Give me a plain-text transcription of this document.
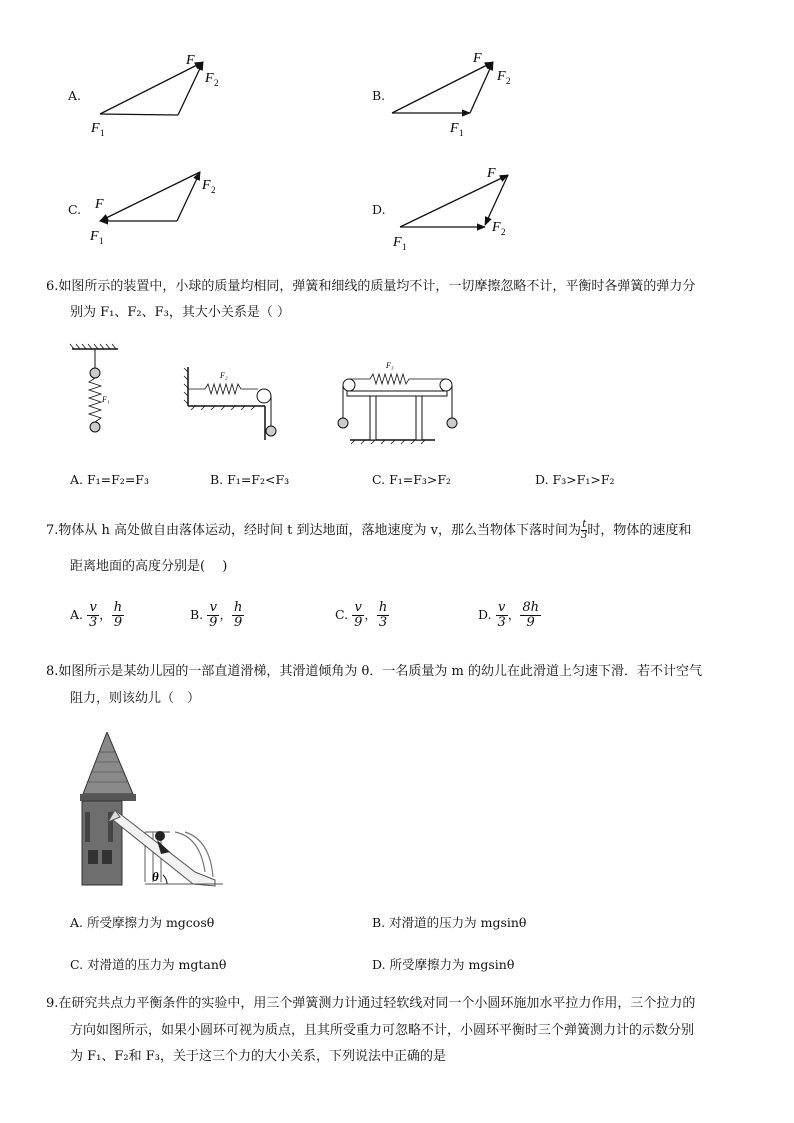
A.
F
F 2
F 1
B.
F
F 2
F 1
C. F
F 2
F 1
D.
F
F 2
F 1
6.如图所示的装置中，小球的质量均相同，弹簧和细线的质量均不计，一切摩擦忽略不计，平衡时各弹簧的弹力分
别为 F₁、F₂、F₃，其大小关系是（ ）
F₁
F₂
F₃
A. F₁=F₂=F₃	B. F₁=F₂<F₃	C. F₁=F₃>F₂	D. F₃>F₁>F₂
7.物体从 h 高处做自由落体运动，经时间 t 到达地面，落地速度为 v，那么当物体下落时间为 $\frac{t}{3}$时，物体的速度和
距离地面的高度分别是(　 )
A. $\frac{v}{3}$ ， $\frac{h}{9}$	B. $\frac{v}{9}$ ， $\frac{h}{9}$	C. $\frac{v}{9}$ ， $\frac{h}{3}$	D. $\frac{v}{3}$ ， $\frac{8h}{9}$
8.如图所示是某幼儿园的一部直道滑梯，其滑道倾角为 θ．一名质量为 m 的幼儿在此滑道上匀速下滑．若不计空气
阻力，则该幼儿（　）
θ
A. 所受摩擦力为 mgcosθ	B. 对滑道的压力为 mgsinθ
C. 对滑道的压力为 mgtanθ	D. 所受摩擦力为 mgsinθ
9.在研究共点力平衡条件的实验中，用三个弹簧测力计通过轻软线对同一个小圆环施加水平拉力作用，三个拉力的
方向如图所示，如果小圆环可视为质点，且其所受重力可忽略不计，小圆环平衡时三个弹簧测力计的示数分别
为 F₁、F₂和 F₃，关于这三个力的大小关系，下列说法中正确的是
